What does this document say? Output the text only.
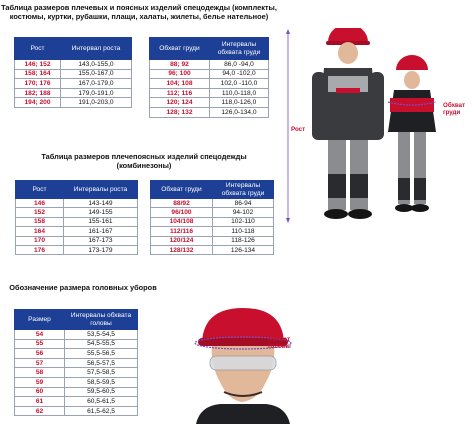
Таблица размеров плечевых и поясных изделий спецодежды (комплекты, костюмы, куртки, рубашки, плащи, халаты, жилеты, белье нательное)
Рост	Интервал роста
146; 152	143,0-155,0
158; 164	155,0-167,0
170; 176	167,0-179,0
182; 188	179,0-191,0
194; 200	191,0-203,0
Обхват груди	Интервалы обхвата груди
88; 92	86,0 -94,0
96; 100	94,0 -102,0
104; 108	102,0 -110,0
112; 116	110,0-118,0
120; 124	118,0-126,0
128; 132	126,0-134,0
Таблица размеров плечепоясных изделий спецодежды (комбинезоны)
Рост	Интервалы роста
146	143-149
152	149-155
158	155-161
164	161-167
170	167-173
176	173-179
Обхват груди	Интервалы обхвата груди
88/92	86-94
96/100	94-102
104/108	102-110
112/116	110-118
120/124	118-126
128/132	126-134
Обозначение размера головных уборов
Размер	Интервалы обхвата головы
54	53,5-54,5
55	54,5-55,5
56	55,5-56,5
57	56,5-57,5
58	57,5-58,5
59	58,5-59,5
60	59,5-60,5
61	60,5-61,5
62	61,5-62,5
Рост
Обхват груди
Обхват головы
